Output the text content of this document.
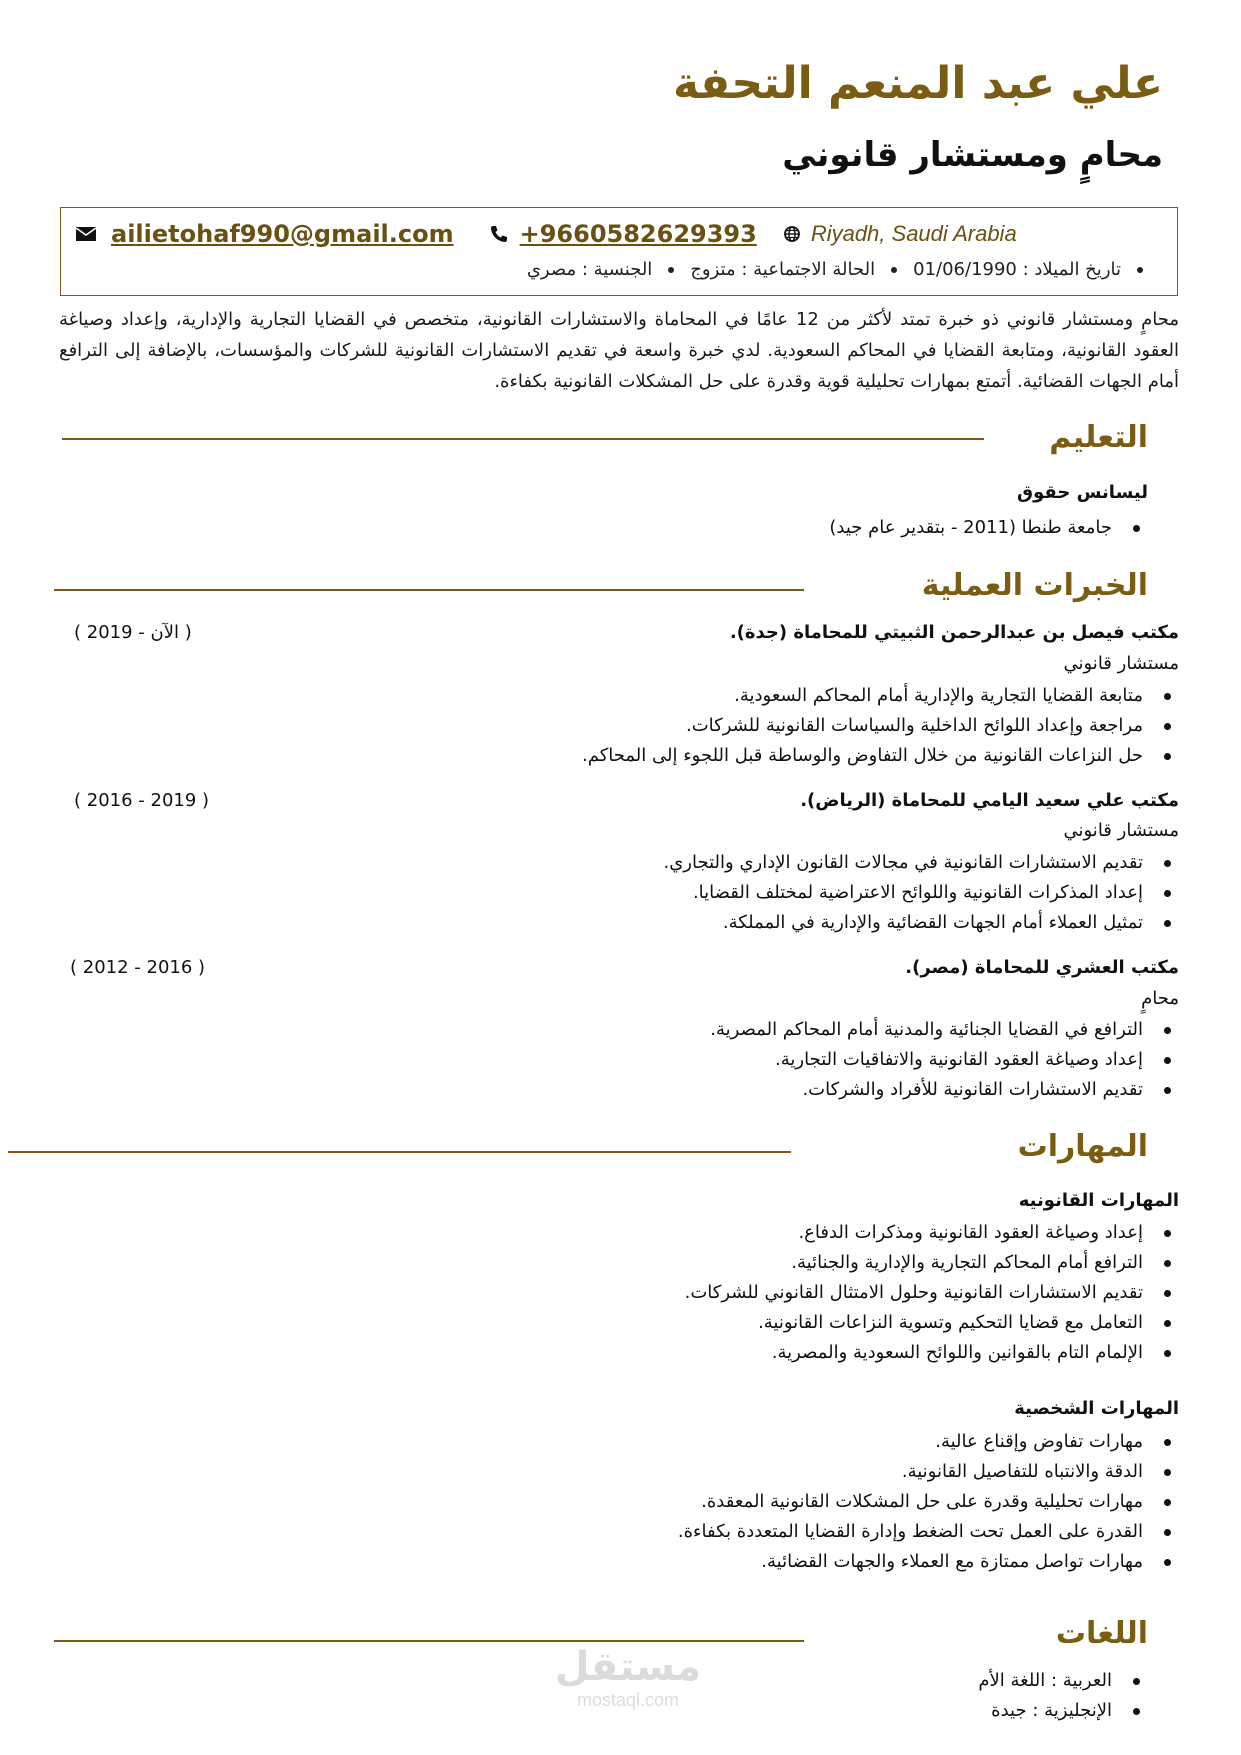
علي عبد المنعم التحفة
محامٍ ومستشار قانوني
ailietohaf990@gmail.com	+9660582629393 Riyadh, Saudi Arabia
تاريخ الميلاد : 01/06/1990
الحالة الاجتماعية : متزوج
الجنسية : مصري
محامٍ ومستشار قانوني ذو خبرة تمتد لأكثر من 12 عامًا في المحاماة والاستشارات القانونية، متخصص في القضايا التجارية والإدارية، وإعداد وصياغة العقود القانونية، ومتابعة القضايا في المحاكم السعودية. لدي خبرة واسعة في تقديم الاستشارات القانونية للشركات والمؤسسات، بالإضافة إلى الترافع أمام الجهات القضائية. أتمتع بمهارات تحليلية قوية وقدرة على حل المشكلات القانونية بكفاءة.
التعليم
ليسانس حقوق
جامعة طنطا (2011 - بتقدير عام جيد)
الخبرات العملية
مكتب فيصل بن عبدالرحمن الثبيتي للمحاماة (جدة).
( 2019 - الآن )
مستشار قانوني
متابعة القضايا التجارية والإدارية أمام المحاكم السعودية.
مراجعة وإعداد اللوائح الداخلية والسياسات القانونية للشركات.
حل النزاعات القانونية من خلال التفاوض والوساطة قبل اللجوء إلى المحاكم.
مكتب علي سعيد اليامي للمحاماة (الرياض).
( 2016 - 2019 )
مستشار قانوني
تقديم الاستشارات القانونية في مجالات القانون الإداري والتجاري.
إعداد المذكرات القانونية واللوائح الاعتراضية لمختلف القضايا.
تمثيل العملاء أمام الجهات القضائية والإدارية في المملكة.
مكتب العشري للمحاماة (مصر).
( 2012 - 2016 )
محامٍ
الترافع في القضايا الجنائية والمدنية أمام المحاكم المصرية.
إعداد وصياغة العقود القانونية والاتفاقيات التجارية.
تقديم الاستشارات القانونية للأفراد والشركات.
المهارات
المهارات القانونيه
إعداد وصياغة العقود القانونية ومذكرات الدفاع.
الترافع أمام المحاكم التجارية والإدارية والجنائية.
تقديم الاستشارات القانونية وحلول الامتثال القانوني للشركات.
التعامل مع قضايا التحكيم وتسوية النزاعات القانونية.
الإلمام التام بالقوانين واللوائح السعودية والمصرية.
المهارات الشخصية
مهارات تفاوض وإقناع عالية.
الدقة والانتباه للتفاصيل القانونية.
مهارات تحليلية وقدرة على حل المشكلات القانونية المعقدة.
القدرة على العمل تحت الضغط وإدارة القضايا المتعددة بكفاءة.
مهارات تواصل ممتازة مع العملاء والجهات القضائية.
اللغات
العربية : اللغة الأم
الإنجليزية : جيدة
مستقل
mostaql.com
